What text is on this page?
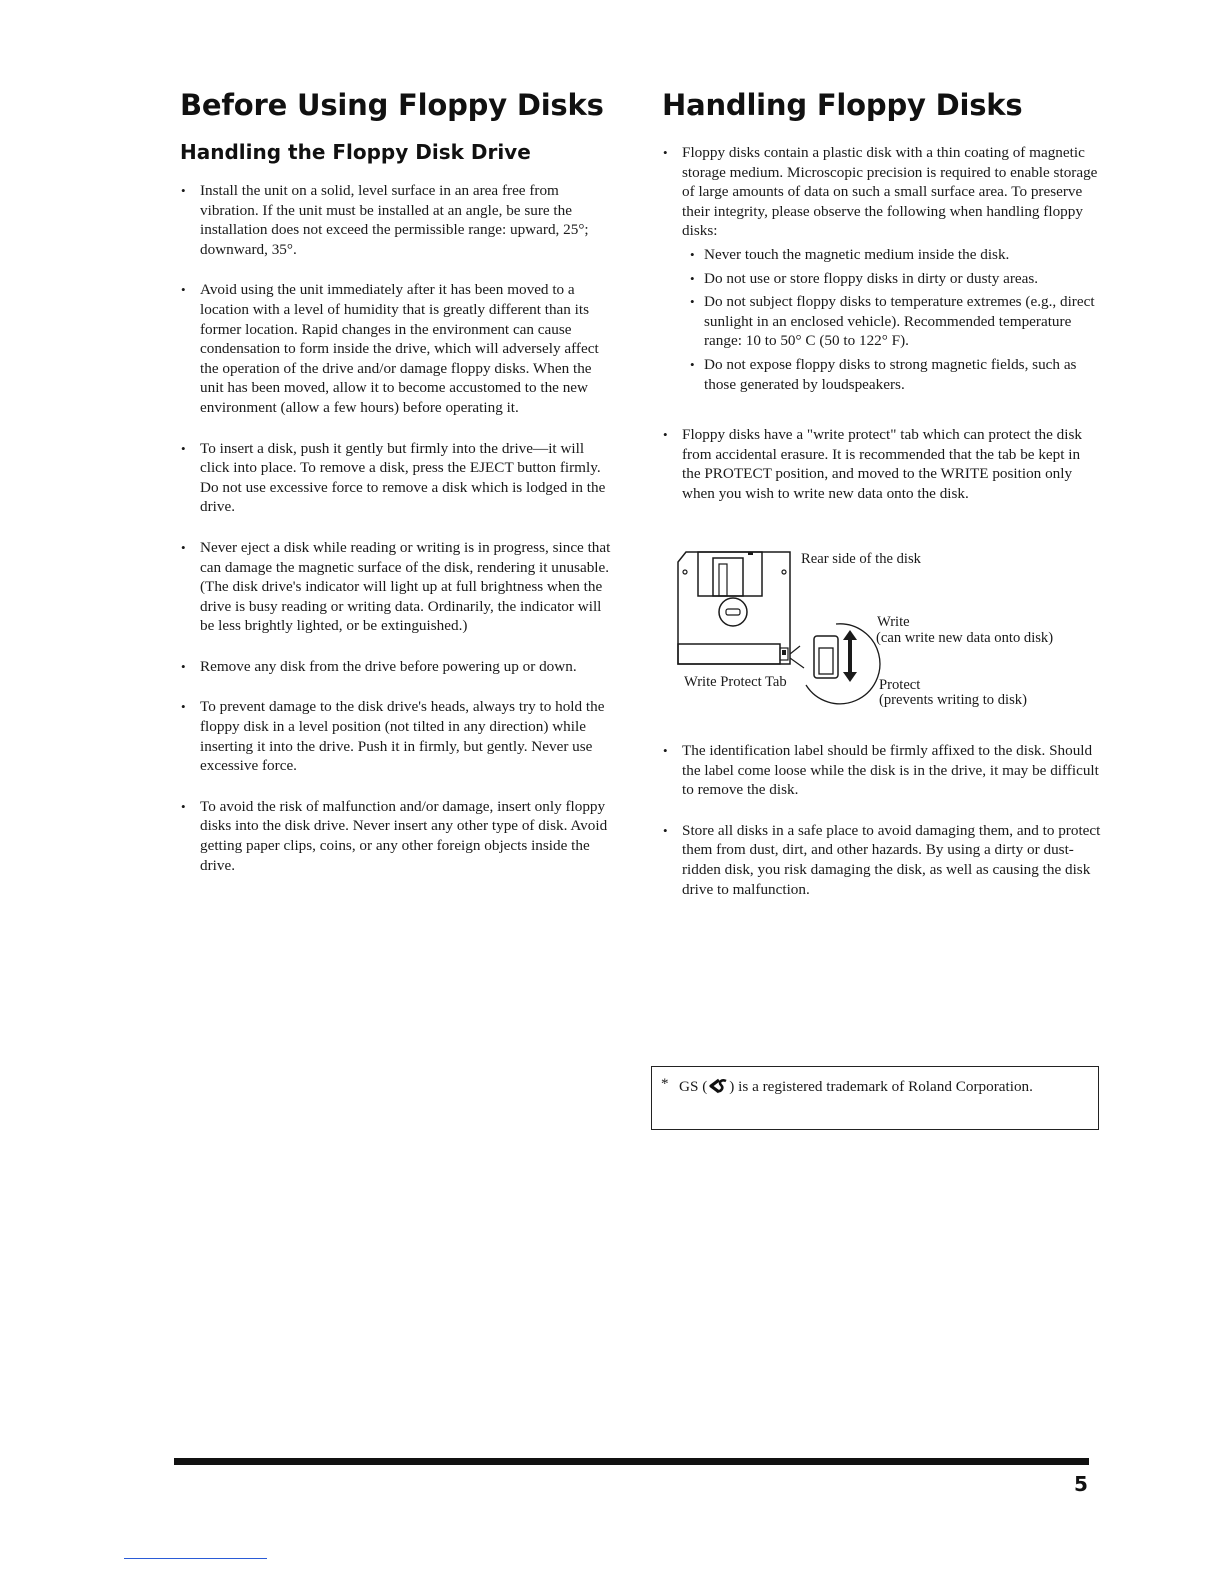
Before Using Floppy Disks
Handling the Floppy Disk Drive
• Install the unit on a solid, level surface in an area free from vibration. If the unit must be installed at an angle, be sure the installation does not exceed the permissible range: upward, 25°; downward, 35°.
• Avoid using the unit immediately after it has been moved to a location with a level of humidity that is greatly different than its former location. Rapid changes in the environment can cause condensation to form inside the drive, which will adversely affect the operation of the drive and/or damage floppy disks. When the unit has been moved, allow it to become accustomed to the new environment (allow a few hours) before operating it.
• To insert a disk, push it gently but firmly into the drive—it will click into place. To remove a disk, press the EJECT button firmly. Do not use excessive force to remove a disk which is lodged in the drive.
• Never eject a disk while reading or writing is in progress, since that can damage the magnetic surface of the disk, rendering it unusable. (The disk drive's indicator will light up at full brightness when the drive is busy reading or writing data. Ordinarily, the indicator will be less brightly lighted, or be extinguished.)
• Remove any disk from the drive before powering up or down.
• To prevent damage to the disk drive's heads, always try to hold the floppy disk in a level position (not tilted in any direction) while inserting it into the drive. Push it in firmly, but gently. Never use excessive force.
• To avoid the risk of malfunction and/or damage, insert only floppy disks into the disk drive. Never insert any other type of disk. Avoid getting paper clips, coins, or any other foreign objects inside the drive.
Handling Floppy Disks
• Floppy disks contain a plastic disk with a thin coating of magnetic storage medium. Microscopic precision is required to enable storage of large amounts of data on such a small surface area. To preserve their integrity, please observe the following when handling floppy disks:
• Never touch the magnetic medium inside the disk.
• Do not use or store floppy disks in dirty or dusty areas.
• Do not subject floppy disks to temperature extremes (e.g., direct sunlight in an enclosed vehicle). Recommended temperature range: 10 to 50° C (50 to 122° F).
• Do not expose floppy disks to strong magnetic fields, such as those generated by loudspeakers.
• Floppy disks have a "write protect" tab which can protect the disk from accidental erasure. It is recommended that the tab be kept in the PROTECT position, and moved to the WRITE position only when you wish to write new data onto the disk.
• The identification label should be firmly affixed to the disk. Should the label come loose while the disk is in the drive, it may be difficult to remove the disk.
• Store all disks in a safe place to avoid damaging them, and to protect them from dust, dirt, and other hazards. By using a dirty or dust-ridden disk, you risk damaging the disk, as well as causing the disk drive to malfunction.
Rear side of the disk
Write
(can write new data onto disk)
Write Protect Tab	Protect
(prevents writing to disk)
* GS ( ) is a registered trademark of Roland Corporation.
5
